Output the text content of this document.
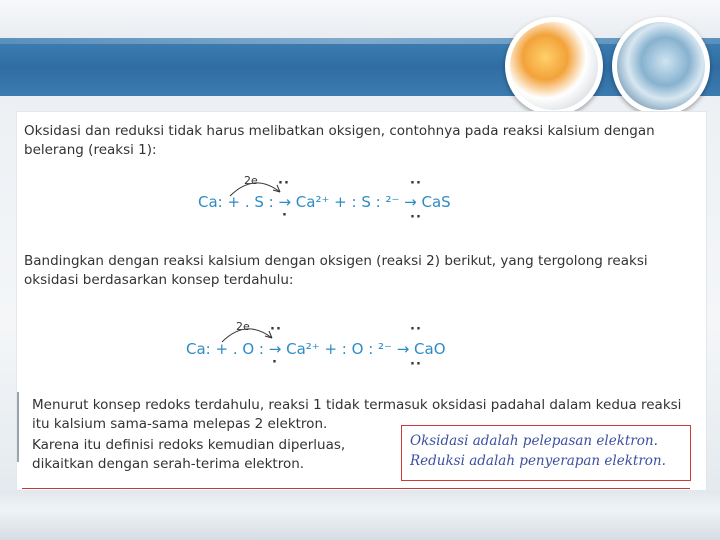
Oksidasi dan reduksi tidak harus melibatkan oksigen, contohnya pada reaksi kalsium dengan belerang (reaksi 1):

2e ··	··
Ca: + . S : → Ca²⁺ + : S : ²⁻ → CaS
·	··

Bandingkan dengan reaksi kalsium dengan oksigen (reaksi 2) berikut, yang tergolong reaksi oksidasi berdasarkan konsep terdahulu:

2e ··	··
Ca: + . O : → Ca²⁺ + : O : ²⁻ → CaO
·	··

Menurut konsep redoks terdahulu, reaksi 1 tidak termasuk oksidasi padahal dalam kedua reaksi itu kalsium sama-sama melepas 2 elektron.

Karena itu definisi redoks kemudian diperluas, dikaitkan dengan serah-terima elektron.

Oksidasi adalah pelepasan elektron.

Reduksi adalah penyerapan elektron.
